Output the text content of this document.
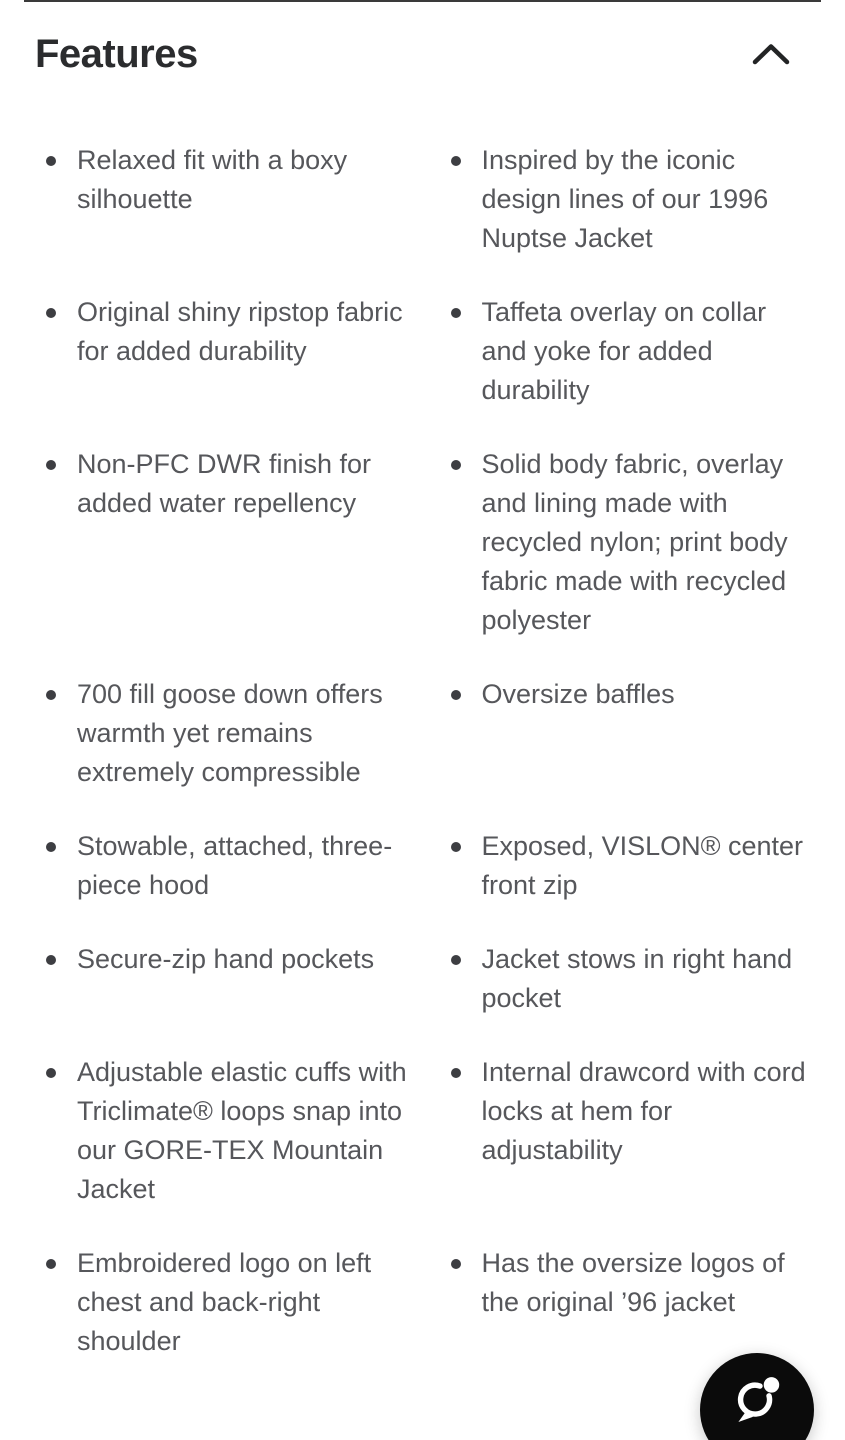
Features
Relaxed fit with a boxy silhouette
Inspired by the iconic design lines of our 1996 Nuptse Jacket
Original shiny ripstop fabric for added durability
Taffeta overlay on collar and yoke for added durability
Non-PFC DWR finish for added water repellency
Solid body fabric, overlay and lining made with recycled nylon; print body fabric made with recycled polyester
700 fill goose down offers warmth yet remains extremely compressible
Oversize baffles
Stowable, attached, three-piece hood
Exposed, VISLON® center front zip
Secure-zip hand pockets	Jacket stows in right hand pocket
Adjustable elastic cuffs with Triclimate® loops snap into our GORE-TEX Mountain Jacket
Internal drawcord with cord locks at hem for adjustability
Embroidered logo on left chest and back-right shoulder
Has the oversize logos of the original ’96 jacket
